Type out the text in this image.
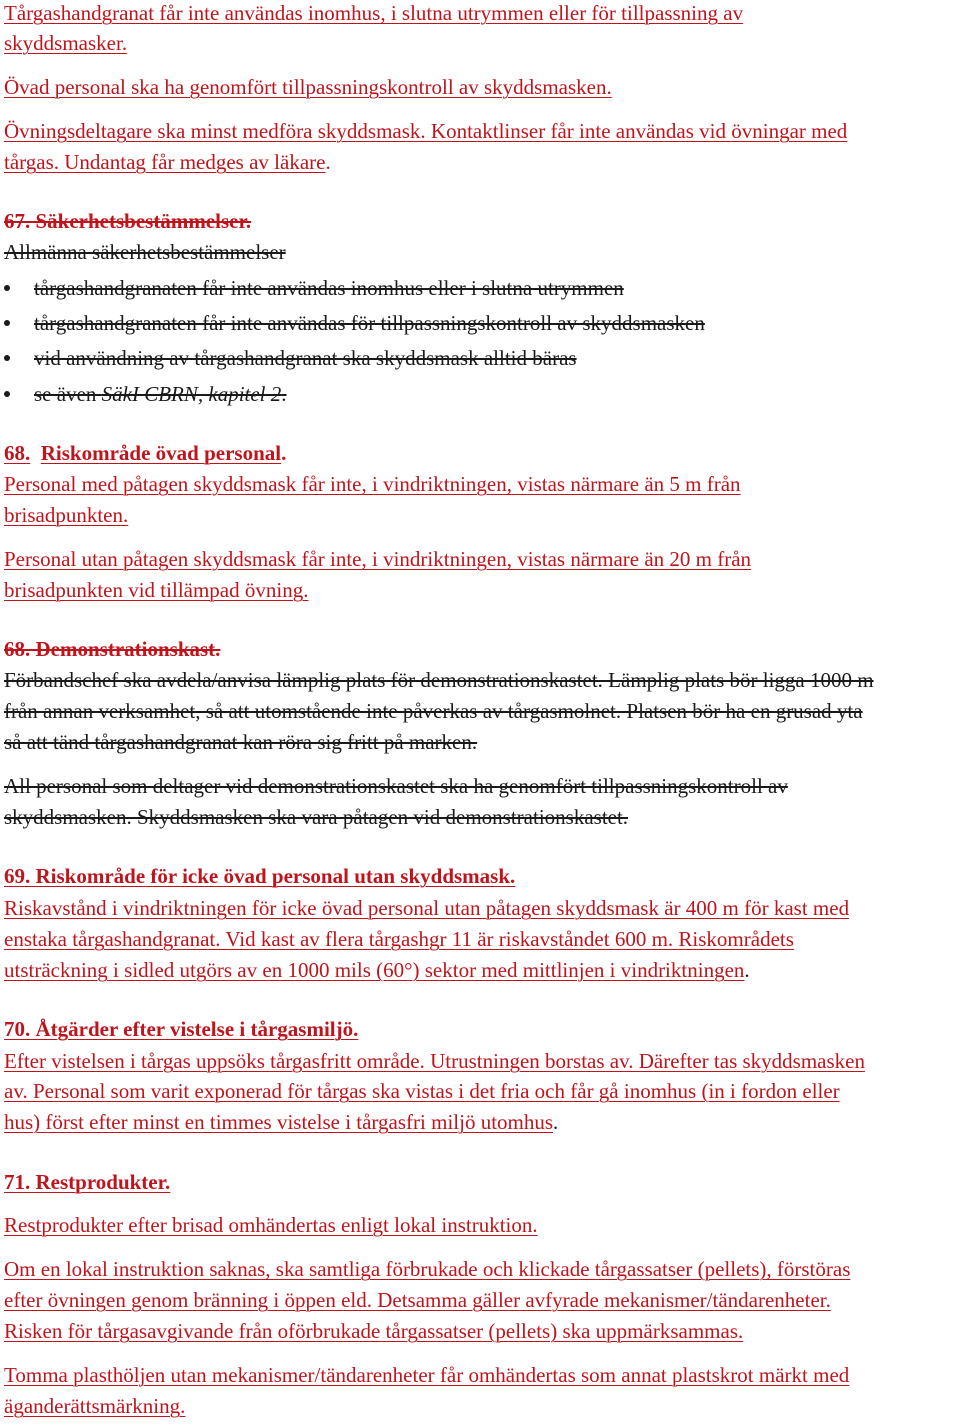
Tårgashandgranat får inte användas inomhus, i slutna utrymmen eller för tillpassning av
skyddsmasker.
Övad personal ska ha genomfört tillpassningskontroll av skyddsmasken.
Övningsdeltagare ska minst medföra skyddsmask. Kontaktlinser får inte användas vid övningar med
tårgas. Undantag får medges av läkare.
67. Säkerhetsbestämmelser.
Allmänna säkerhetsbestämmelser
tårgashandgranaten får inte användas inomhus eller i slutna utrymmen
tårgashandgranaten får inte användas för tillpassningskontroll av skyddsmasken
vid användning av tårgashandgranat ska skyddsmask alltid bäras
se även SäkI CBRN, kapitel 2.
68. Riskområde övad personal.
Personal med påtagen skyddsmask får inte, i vindriktningen, vistas närmare än 5 m från
brisadpunkten.
Personal utan påtagen skyddsmask får inte, i vindriktningen, vistas närmare än 20 m från
brisadpunkten vid tillämpad övning.
68. Demonstrationskast.
Förbandschef ska avdela/anvisa lämplig plats för demonstrationskastet. Lämplig plats bör ligga 1000 m
från annan verksamhet, så att utomstående inte påverkas av tårgasmolnet. Platsen bör ha en grusad yta
så att tänd tårgashandgranat kan röra sig fritt på marken.
All personal som deltager vid demonstrationskastet ska ha genomfört tillpassningskontroll av
skyddsmasken. Skyddsmasken ska vara påtagen vid demonstrationskastet.
69. Riskområde för icke övad personal utan skyddsmask.
Riskavstånd i vindriktningen för icke övad personal utan påtagen skyddsmask är 400 m för kast med
enstaka tårgashandgranat. Vid kast av flera tårgashgr 11 är riskavståndet 600 m. Riskområdets
utsträckning i sidled utgörs av en 1000 mils (60°) sektor med mittlinjen i vindriktningen.
70. Åtgärder efter vistelse i tårgasmiljö.
Efter vistelsen i tårgas uppsöks tårgasfritt område. Utrustningen borstas av. Därefter tas skyddsmasken
av. Personal som varit exponerad för tårgas ska vistas i det fria och får gå inomhus (in i fordon eller
hus) först efter minst en timmes vistelse i tårgasfri miljö utomhus.
71. Restprodukter.
Restprodukter efter brisad omhändertas enligt lokal instruktion.
Om en lokal instruktion saknas, ska samtliga förbrukade och klickade tårgassatser (pellets), förstöras
efter övningen genom bränning i öppen eld. Detsamma gäller avfyrade mekanismer/tändarenheter.
Risken för tårgasavgivande från oförbrukade tårgassatser (pellets) ska uppmärksammas.
Tomma plasthöljen utan mekanismer/tändarenheter får omhändertas som annat plastskrot märkt med
äganderättsmärkning.
